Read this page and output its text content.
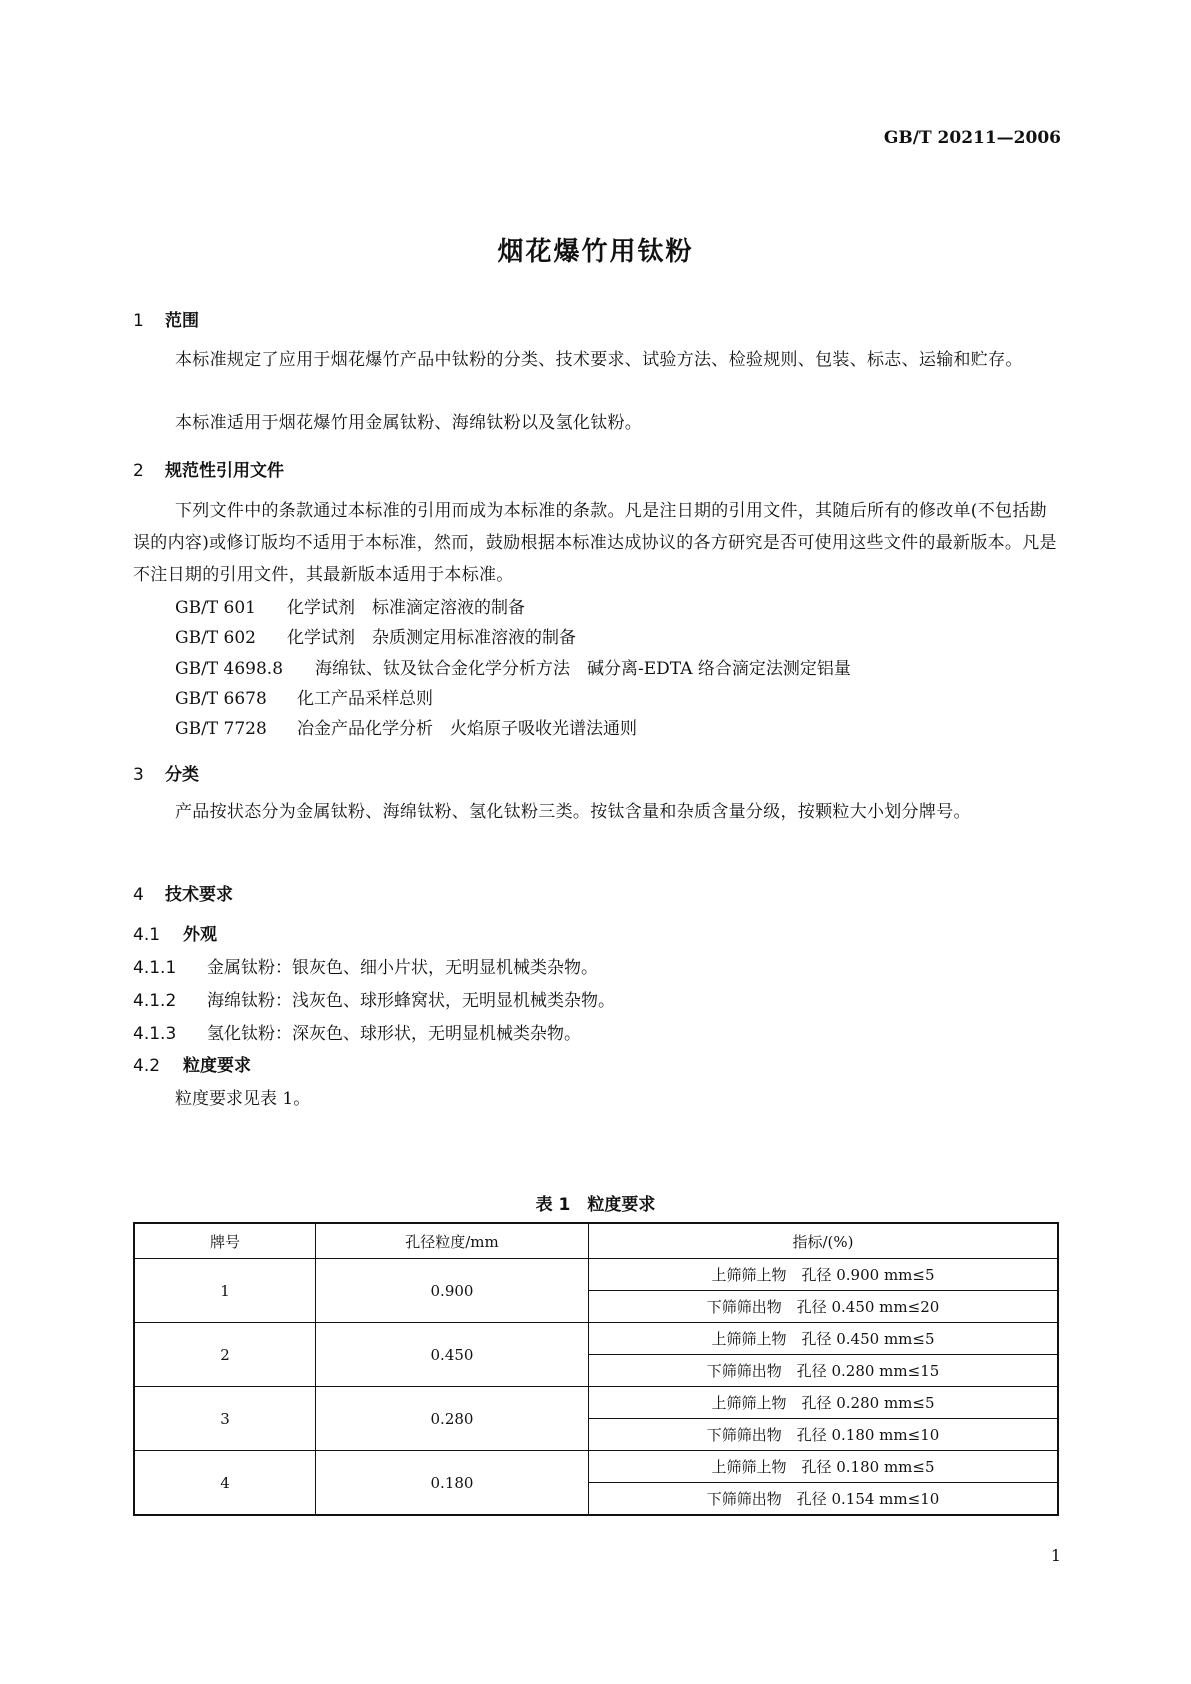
GB/T 20211—2006
烟花爆竹用钛粉
1 范围
本标准规定了应用于烟花爆竹产品中钛粉的分类、技术要求、试验方法、检验规则、包装、标志、运输和贮存。
本标准适用于烟花爆竹用金属钛粉、海绵钛粉以及氢化钛粉。
2 规范性引用文件
下列文件中的条款通过本标准的引用而成为本标准的条款。凡是注日期的引用文件，其随后所有的修改单(不包括勘误的内容)或修订版均不适用于本标准，然而，鼓励根据本标准达成协议的各方研究是否可使用这些文件的最新版本。凡是不注日期的引用文件，其最新版本适用于本标准。
GB/T 601 化学试剂　标准滴定溶液的制备
GB/T 602 化学试剂　杂质测定用标准溶液的制备
GB/T 4698.8 海绵钛、钛及钛合金化学分析方法　碱分离-EDTA 络合滴定法测定铝量
GB/T 6678 化工产品采样总则
GB/T 7728 冶金产品化学分析　火焰原子吸收光谱法通则
3 分类
产品按状态分为金属钛粉、海绵钛粉、氢化钛粉三类。按钛含量和杂质含量分级，按颗粒大小划分牌号。
4 技术要求
4.1 外观
4.1.1 金属钛粉：银灰色、细小片状，无明显机械类杂物。
4.1.2 海绵钛粉：浅灰色、球形蜂窝状，无明显机械类杂物。
4.1.3 氢化钛粉：深灰色、球形状，无明显机械类杂物。
4.2 粒度要求
粒度要求见表 1。
表 1　粒度要求
牌号	孔径粒度/mm	指标/(%)
1	0.900	上筛筛上物　孔径 0.900 mm≤5
		下筛筛出物　孔径 0.450 mm≤20
2	0.450	上筛筛上物　孔径 0.450 mm≤5
		下筛筛出物　孔径 0.280 mm≤15
3	0.280	上筛筛上物　孔径 0.280 mm≤5
		下筛筛出物　孔径 0.180 mm≤10
4	0.180	上筛筛上物　孔径 0.180 mm≤5
		下筛筛出物　孔径 0.154 mm≤10
1
